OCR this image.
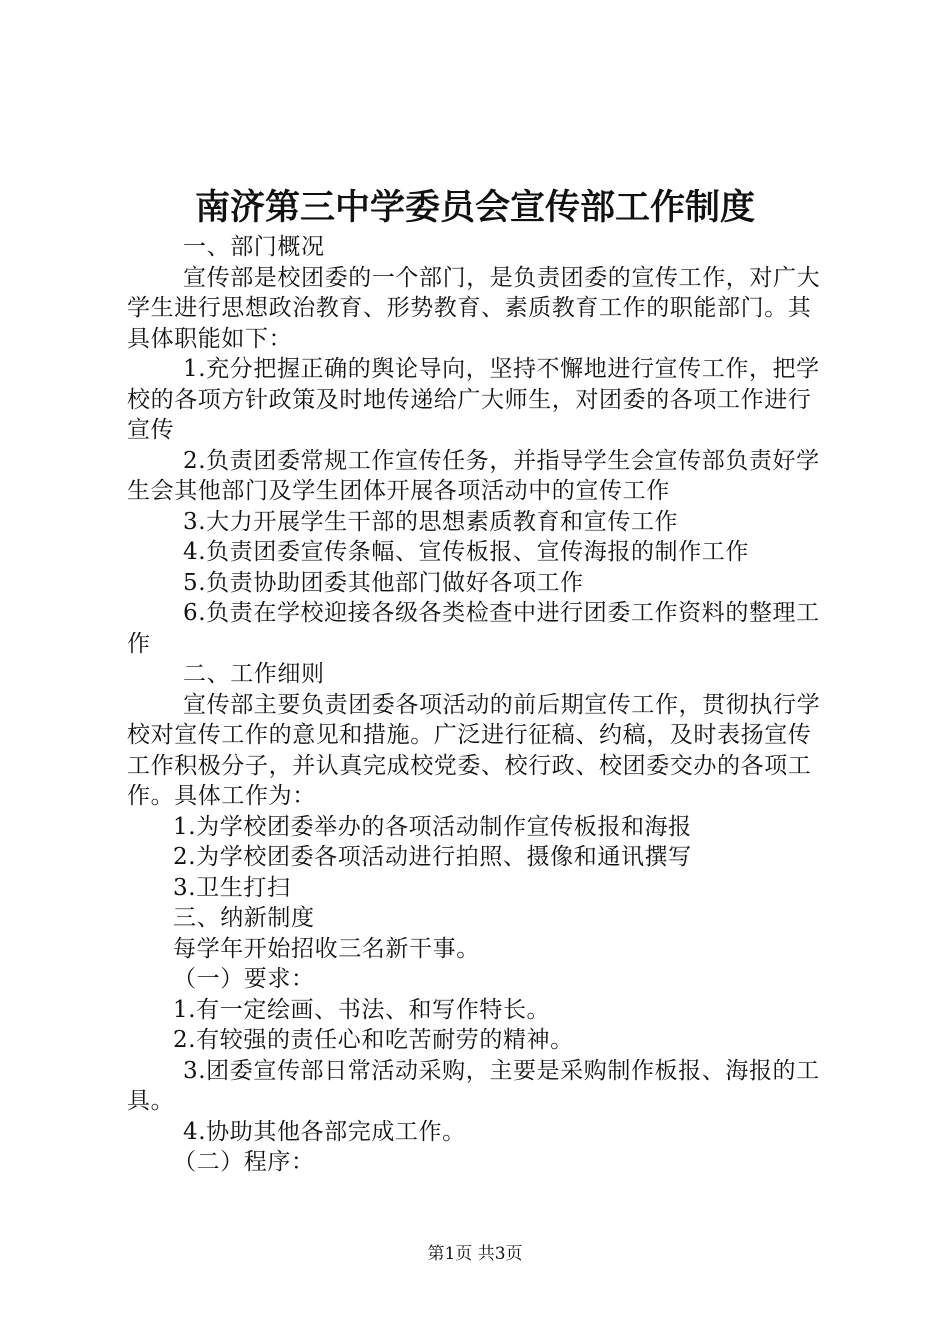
南济第三中学委员会宣传部工作制度

一、部门概况

宣传部是校团委的一个部门，是负责团委的宣传工作，对广大学生进行思想政治教育、形势教育、素质教育工作的职能部门。其具体职能如下：

1.充分把握正确的舆论导向，坚持不懈地进行宣传工作，把学校的各项方针政策及时地传递给广大师生，对团委的各项工作进行宣传

2.负责团委常规工作宣传任务，并指导学生会宣传部负责好学生会其他部门及学生团体开展各项活动中的宣传工作

3.大力开展学生干部的思想素质教育和宣传工作

4.负责团委宣传条幅、宣传板报、宣传海报的制作工作

5.负责协助团委其他部门做好各项工作

6.负责在学校迎接各级各类检查中进行团委工作资料的整理工作

二、工作细则

宣传部主要负责团委各项活动的前后期宣传工作，贯彻执行学校对宣传工作的意见和措施。广泛进行征稿、约稿，及时表扬宣传工作积极分子，并认真完成校党委、校行政、校团委交办的各项工作。具体工作为：

1.为学校团委举办的各项活动制作宣传板报和海报

2.为学校团委各项活动进行拍照、摄像和通讯撰写

3.卫生打扫

三、纳新制度

每学年开始招收三名新干事。

（一）要求：

1.有一定绘画、书法、和写作特长。

2.有较强的责任心和吃苦耐劳的精神。

3.团委宣传部日常活动采购，主要是采购制作板报、海报的工具。

4.协助其他各部完成工作。

（二）程序：

第1页 共3页
